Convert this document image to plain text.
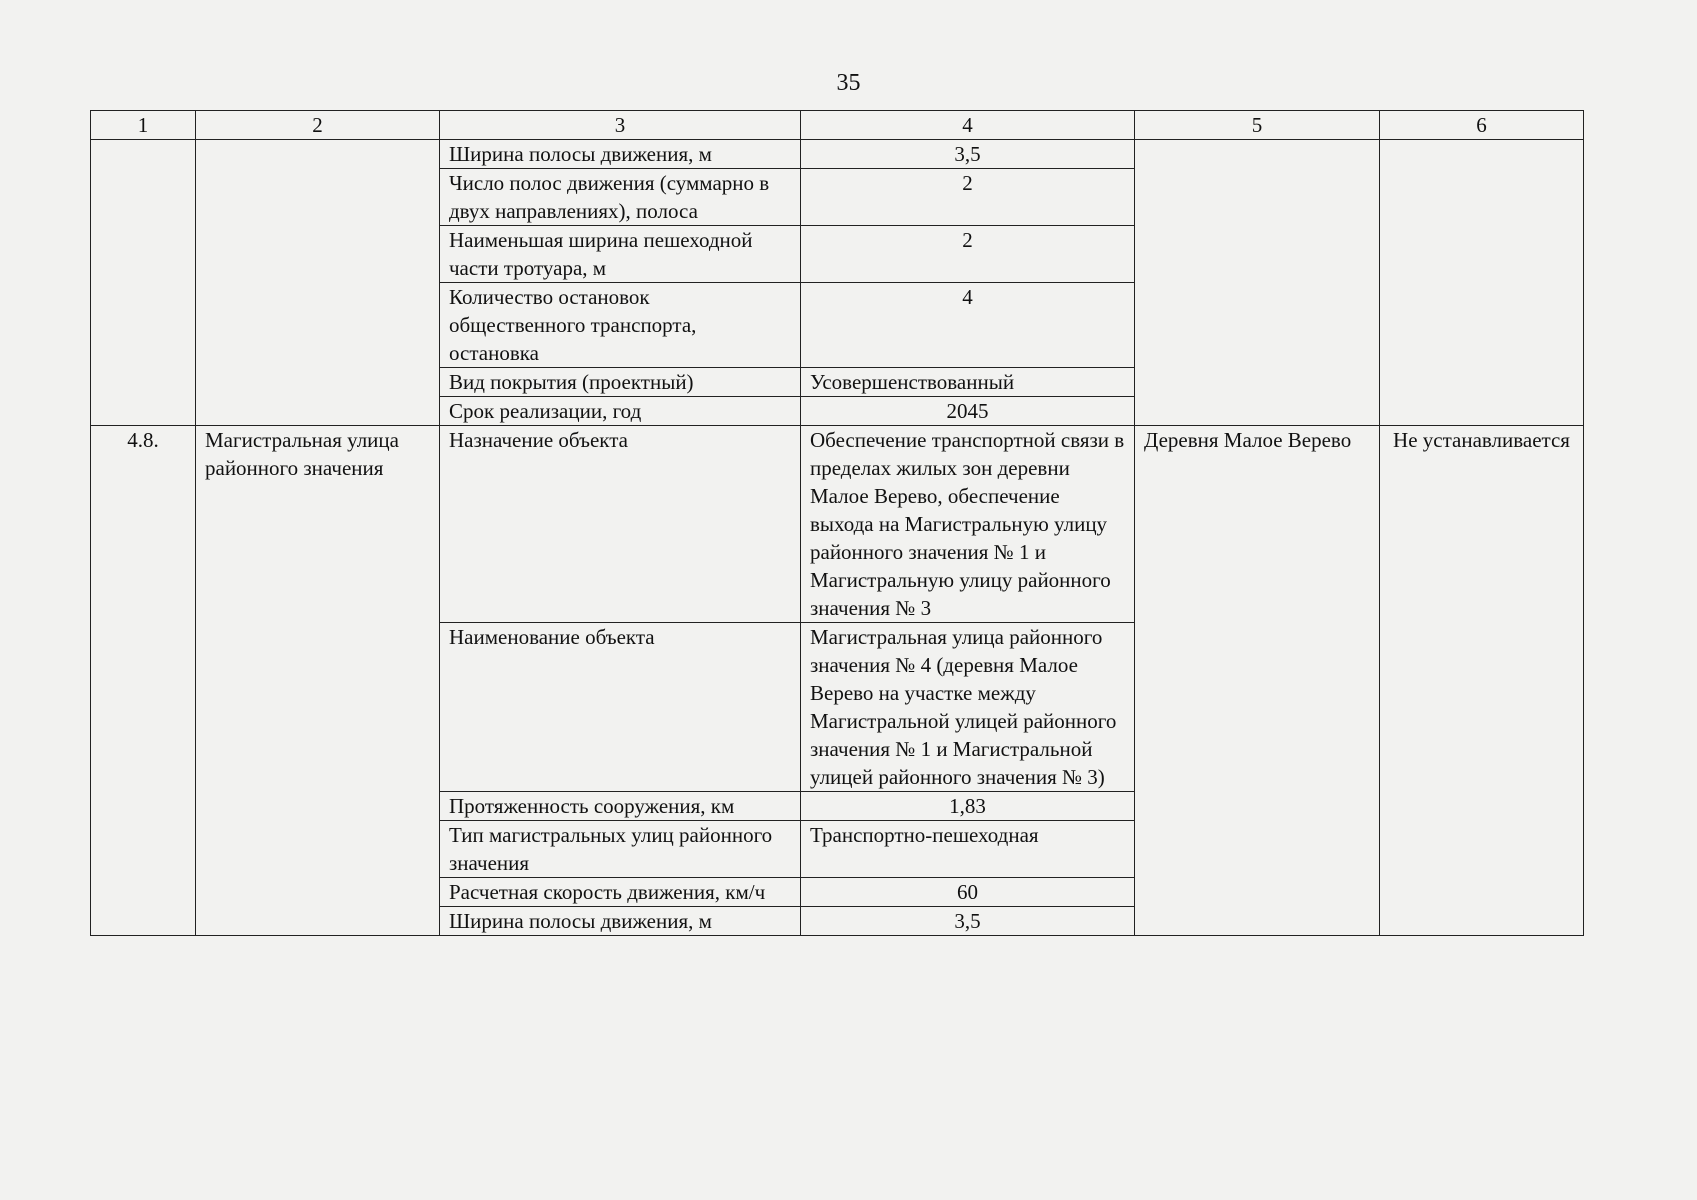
35
1	2	3	4	5	6
		Ширина полосы движения, м	3,5		
		Число полос движения (суммарно в двух направлениях), полоса	2		
		Наименьшая ширина пешеходной части тротуара, м	2		
		Количество остановок общественного транспорта, остановка	4		
		Вид покрытия (проектный)	Усовершенствованный		
		Срок реализации, год	2045		
4.8.	Магистральная улица районного значения	Назначение объекта	Обеспечение транспортной связи в пределах жилых зон деревни Малое Верево, обеспечение выхода на Магистральную улицу районного значения № 1 и Магистральную улицу районного значения № 3	Деревня Малое Верево	Не устанавливается
		Наименование объекта	Магистральная улица районного значения № 4 (деревня Малое Верево на участке между Магистральной улицей районного значения № 1 и Магистральной улицей районного значения № 3)		
		Протяженность сооружения, км	1,83		
		Тип магистральных улиц районного значения	Транспортно-пешеходная		
		Расчетная скорость движения, км/ч	60		
		Ширина полосы движения, м	3,5		
